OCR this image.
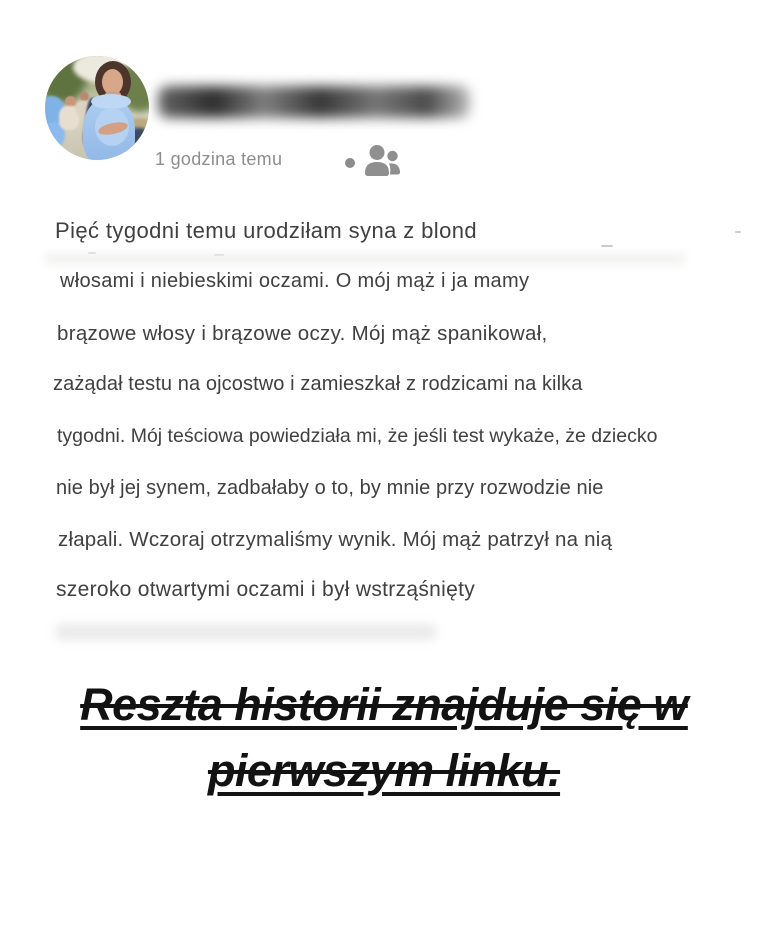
1 godzina temu
Pięć tygodni temu urodziłam syna z blond
włosami i niebieskimi oczami. O mój mąż i ja mamy
brązowe włosy i brązowe oczy. Mój mąż spanikował,
zażądał testu na ojcostwo i zamieszkał z rodzicami na kilka
tygodni. Mój teściowa powiedziała mi, że jeśli test wykaże, że dziecko
nie był jej synem, zadbałaby o to, by mnie przy rozwodzie nie
złapali. Wczoraj otrzymaliśmy wynik. Mój mąż patrzył na nią
szeroko otwartymi oczami i był wstrząśnięty
Reszta historii znajduje się w
pierwszym linku.
